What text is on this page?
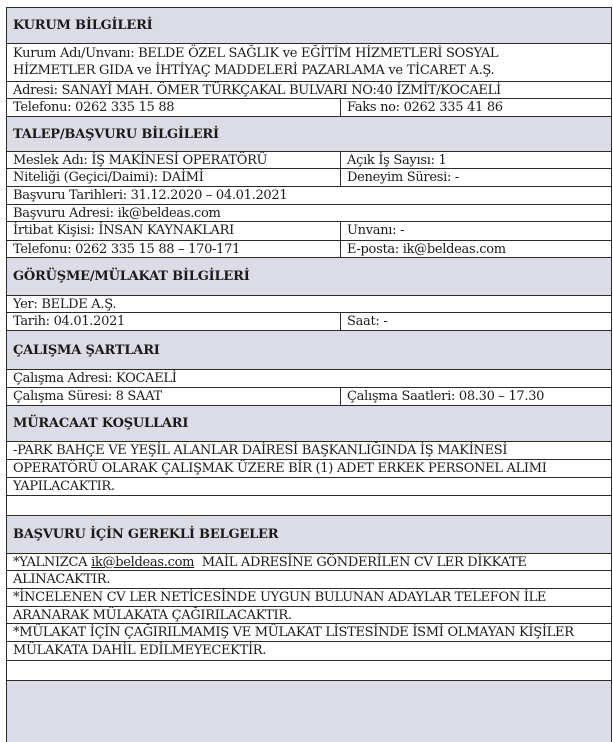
KURUM BİLGİLERİ
Kurum Adı/Unvanı: BELDE ÖZEL SAĞLIK ve EĞİTİM HİZMETLERİ SOSYAL
HİZMETLER GIDA ve İHTİYAÇ MADDELERİ PAZARLAMA ve TİCARET A.Ş.
Adresi: SANAYİ MAH. ÖMER TÜRKÇAKAL BULVARI NO:40 İZMİT/KOCAELİ
Telefonu: 0262 335 15 88	Faks no: 0262 335 41 86
TALEP/BAŞVURU BİLGİLERİ
Meslek Adı: İŞ MAKİNESİ OPERATÖRÜ	Açık İş Sayısı: 1
Niteliği (Geçici/Daimi): DAİMİ	Deneyim Süresi: -
Başvuru Tarihleri: 31.12.2020 – 04.01.2021
Başvuru Adresi: ik@beldeas.com
İrtibat Kişisi: İNSAN KAYNAKLARI	Unvanı: -
Telefonu: 0262 335 15 88 – 170-171	E-posta: ik@beldeas.com
GÖRÜŞME/MÜLAKAT BİLGİLERİ
Yer: BELDE A.Ş.
Tarih: 04.01.2021	Saat: -
ÇALIŞMA ŞARTLARI
Çalışma Adresi: KOCAELİ
Çalışma Süresi: 8 SAAT	Çalışma Saatleri: 08.30 – 17.30
MÜRACAAT KOŞULLARI
-PARK BAHÇE VE YEŞİL ALANLAR DAİRESİ BAŞKANLIĞINDA İŞ MAKİNESİ
OPERATÖRÜ OLARAK ÇALIŞMAK ÜZERE BİR (1) ADET ERKEK PERSONEL ALIMI
YAPILACAKTIR.
BAŞVURU İÇİN GEREKLİ BELGELER
*YALNIZCA ik@beldeas.com  MAİL ADRESİNE GÖNDERİLEN CV LER DİKKATE
ALINACAKTIR.
*İNCELENEN CV LER NETİCESİNDE UYGUN BULUNAN ADAYLAR TELEFON İLE
ARANARAK MÜLAKATA ÇAĞIRILACAKTIR.
*MÜLAKAT İÇİN ÇAĞIRILMAMIŞ VE MÜLAKAT LİSTESİNDE İSMİ OLMAYAN KİŞİLER
MÜLAKATA DAHİL EDİLMEYECEKTİR.
